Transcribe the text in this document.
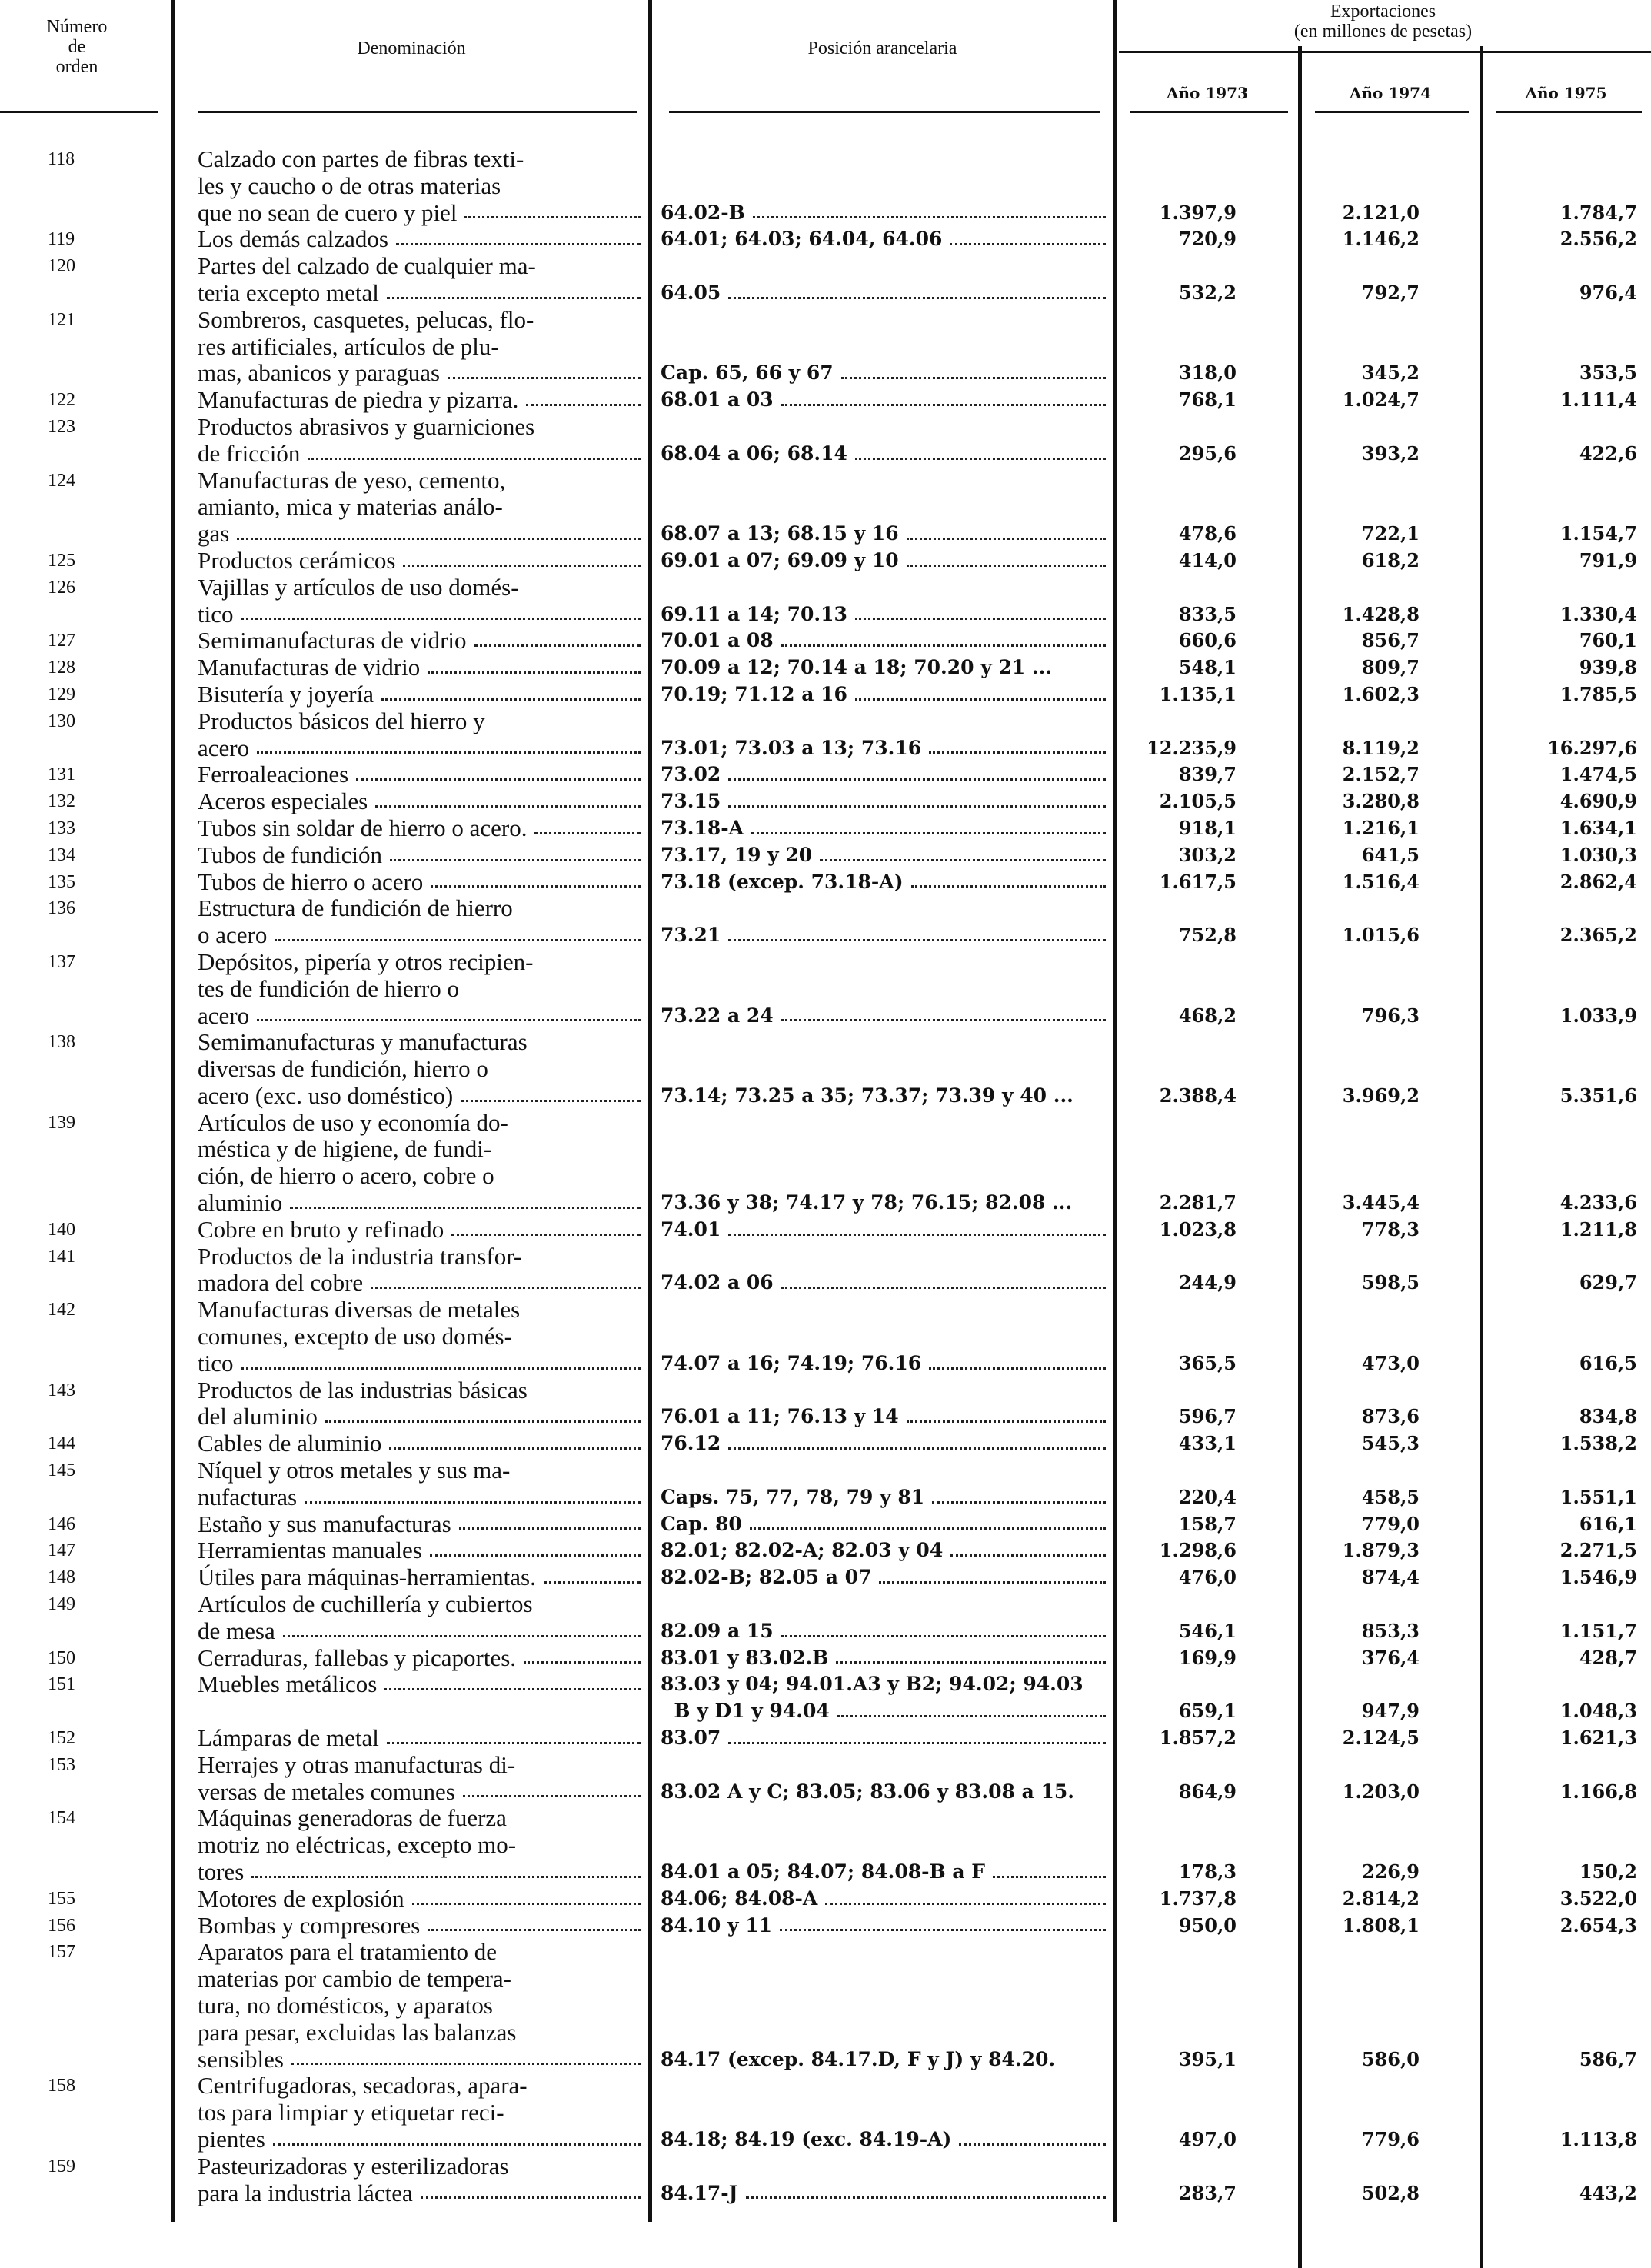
Número
de
orden
Denominación	Posición arancelaria
Exportaciones
(en millones de pesetas)
Año 1973	Año 1974	Año 1975
118	Calzado con partes de fibras texti-
les y caucho o de otras materias
que no sean de cuero y piel	64.02-B	1.397,9	2.121,0	1.784,7
119	Los demás calzados	64.01; 64.03; 64.04, 64.06	720,9	1.146,2	2.556,2
120	Partes del calzado de cualquier ma-
teria excepto metal	64.05	532,2	792,7	976,4
121	Sombreros, casquetes, pelucas, flo-
res artificiales, artículos de plu-
mas, abanicos y paraguas	Cap. 65, 66 y 67	318,0	345,2	353,5
122	Manufacturas de piedra y pizarra.	68.01 a 03	768,1	1.024,7	1.111,4
123	Productos abrasivos y guarniciones
de fricción	68.04 a 06; 68.14	295,6	393,2	422,6
124	Manufacturas de yeso, cemento,
amianto, mica y materias análo-
gas	68.07 a 13; 68.15 y 16	478,6	722,1	1.154,7
125	Productos cerámicos	69.01 a 07; 69.09 y 10	414,0	618,2	791,9
126	Vajillas y artículos de uso domés-
tico	69.11 a 14; 70.13	833,5	1.428,8	1.330,4
127	Semimanufacturas de vidrio	70.01 a 08	660,6	856,7	760,1
128	Manufacturas de vidrio	70.09 a 12; 70.14 a 18; 70.20 y 21 ...	548,1	809,7	939,8
129	Bisutería y joyería	70.19; 71.12 a 16	1.135,1	1.602,3	1.785,5
130	Productos básicos del hierro y
acero	73.01; 73.03 a 13; 73.16	12.235,9	8.119,2	16.297,6
131	Ferroaleaciones	73.02	839,7	2.152,7	1.474,5
132	Aceros especiales	73.15	2.105,5	3.280,8	4.690,9
133	Tubos sin soldar de hierro o acero.	73.18-A	918,1	1.216,1	1.634,1
134	Tubos de fundición	73.17, 19 y 20	303,2	641,5	1.030,3
135	Tubos de hierro o acero	73.18 (excep. 73.18-A)	1.617,5	1.516,4	2.862,4
136	Estructura de fundición de hierro
o acero	73.21	752,8	1.015,6	2.365,2
137	Depósitos, pipería y otros recipien-
tes de fundición de hierro o
acero	73.22 a 24	468,2	796,3	1.033,9
138	Semimanufacturas y manufacturas
diversas de fundición, hierro o
acero (exc. uso doméstico)	73.14; 73.25 a 35; 73.37; 73.39 y 40 ...	2.388,4	3.969,2	5.351,6
139	Artículos de uso y economía do-
méstica y de higiene, de fundi-
ción, de hierro o acero, cobre o
aluminio	73.36 y 38; 74.17 y 78; 76.15; 82.08 ...	2.281,7	3.445,4	4.233,6
140	Cobre en bruto y refinado	74.01	1.023,8	778,3	1.211,8
141	Productos de la industria transfor-
madora del cobre	74.02 a 06	244,9	598,5	629,7
142	Manufacturas diversas de metales
comunes, excepto de uso domés-
tico	74.07 a 16; 74.19; 76.16	365,5	473,0	616,5
143	Productos de las industrias básicas
del aluminio	76.01 a 11; 76.13 y 14	596,7	873,6	834,8
144	Cables de aluminio	76.12	433,1	545,3	1.538,2
145	Níquel y otros metales y sus ma-
nufacturas	Caps. 75, 77, 78, 79 y 81	220,4	458,5	1.551,1
146	Estaño y sus manufacturas	Cap. 80	158,7	779,0	616,1
147	Herramientas manuales	82.01; 82.02-A; 82.03 y 04	1.298,6	1.879,3	2.271,5
148	Útiles para máquinas-herramientas.	82.02-B; 82.05 a 07	476,0	874,4	1.546,9
149	Artículos de cuchillería y cubiertos
de mesa	82.09 a 15	546,1	853,3	1.151,7
150	Cerraduras, fallebas y picaportes.	83.01 y 83.02.B	169,9	376,4	428,7
151	Muebles metálicos	83.03 y 04; 94.01.A3 y B2; 94.02; 94.03
B y D1 y 94.04	659,1	947,9	1.048,3
152	Lámparas de metal	83.07	1.857,2	2.124,5	1.621,3
153	Herrajes y otras manufacturas di-
versas de metales comunes	83.02 A y C; 83.05; 83.06 y 83.08 a 15.	864,9	1.203,0	1.166,8
154	Máquinas generadoras de fuerza
motriz no eléctricas, excepto mo-
tores	84.01 a 05; 84.07; 84.08-B a F	178,3	226,9	150,2
155	Motores de explosión	84.06; 84.08-A	1.737,8	2.814,2	3.522,0
156	Bombas y compresores	84.10 y 11	950,0	1.808,1	2.654,3
157	Aparatos para el tratamiento de
materias por cambio de tempera-
tura, no domésticos, y aparatos
para pesar, excluidas las balanzas
sensibles	84.17 (excep. 84.17.D, F y J) y 84.20.	395,1	586,0	586,7
158	Centrifugadoras, secadoras, apara-
tos para limpiar y etiquetar reci-
pientes	84.18; 84.19 (exc. 84.19-A)	497,0	779,6	1.113,8
159	Pasteurizadoras y esterilizadoras
para la industria láctea	84.17-J	283,7	502,8	443,2
